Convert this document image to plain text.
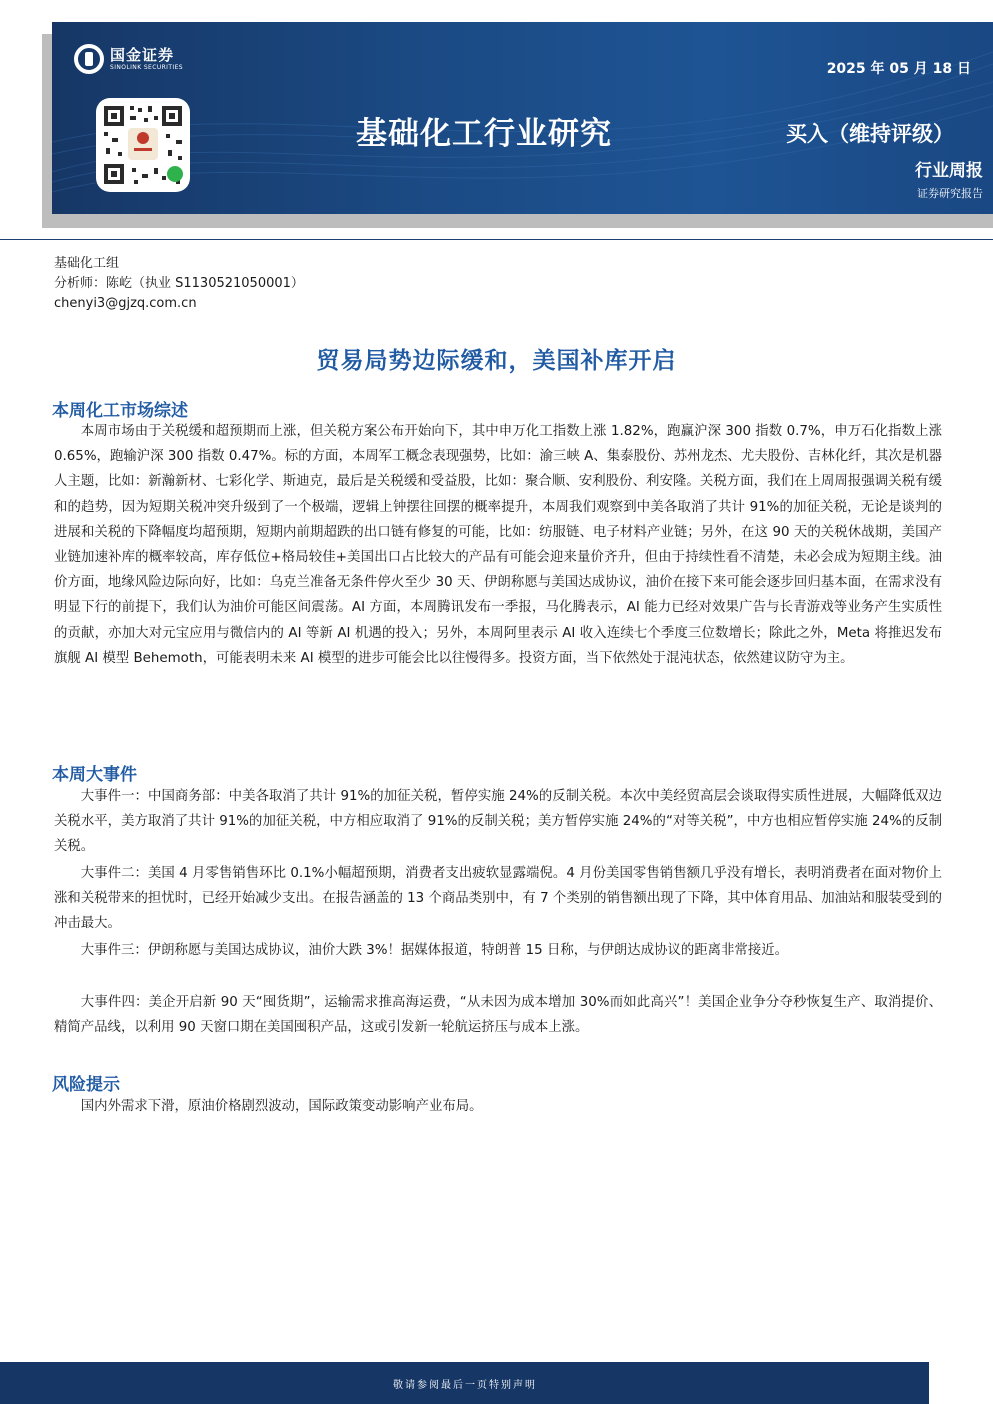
国金证券
SINOLINK SECURITIES	2025 年 05 月 18 日
基础化工行业研究	买入（维持评级）
行业周报
证券研究报告
基础化工组
分析师：陈屹（执业 S1130521050001）
chenyi3@gjzq.com.cn
贸易局势边际缓和，美国补库开启
本周化工市场综述
本周市场由于关税缓和超预期而上涨，但关税方案公布开始向下，其中申万化工指数上涨 1.82%，跑赢沪深 300 指数 0.7%，申万石化指数上涨 0.65%，跑输沪深 300 指数 0.47%。标的方面，本周军工概念表现强势，比如：渝三峡 A、集泰股份、苏州龙杰、尤夫股份、吉林化纤，其次是机器人主题，比如：新瀚新材、七彩化学、斯迪克，最后是关税缓和受益股，比如：聚合顺、安利股份、利安隆。关税方面，我们在上周周报强调关税有缓和的趋势，因为短期关税冲突升级到了一个极端，逻辑上钟摆往回摆的概率提升，本周我们观察到中美各取消了共计 91%的加征关税，无论是谈判的进展和关税的下降幅度均超预期，短期内前期超跌的出口链有修复的可能，比如：纺服链、电子材料产业链；另外，在这 90 天的关税休战期，美国产业链加速补库的概率较高，库存低位+格局较佳+美国出口占比较大的产品有可能会迎来量价齐升，但由于持续性看不清楚，未必会成为短期主线。油价方面，地缘风险边际向好，比如：乌克兰准备无条件停火至少 30 天、伊朗称愿与美国达成协议，油价在接下来可能会逐步回归基本面，在需求没有明显下行的前提下，我们认为油价可能区间震荡。AI 方面，本周腾讯发布一季报，马化腾表示，AI 能力已经对效果广告与长青游戏等业务产生实质性的贡献，亦加大对元宝应用与微信内的 AI 等新 AI 机遇的投入；另外，本周阿里表示 AI 收入连续七个季度三位数增长；除此之外，Meta 将推迟发布旗舰 AI 模型 Behemoth，可能表明未来 AI 模型的进步可能会比以往慢得多。投资方面，当下依然处于混沌状态，依然建议防守为主。
本周大事件
大事件一：中国商务部：中美各取消了共计 91%的加征关税，暂停实施 24%的反制关税。本次中美经贸高层会谈取得实质性进展，大幅降低双边关税水平，美方取消了共计 91%的加征关税，中方相应取消了 91%的反制关税；美方暂停实施 24%的“对等关税”，中方也相应暂停实施 24%的反制关税。
大事件二：美国 4 月零售销售环比 0.1%小幅超预期，消费者支出疲软显露端倪。4 月份美国零售销售额几乎没有增长，表明消费者在面对物价上涨和关税带来的担忧时，已经开始减少支出。在报告涵盖的 13 个商品类别中，有 7 个类别的销售额出现了下降，其中体育用品、加油站和服装受到的冲击最大。
大事件三：伊朗称愿与美国达成协议，油价大跌 3%！据媒体报道，特朗普 15 日称，与伊朗达成协议的距离非常接近。
大事件四：美企开启新 90 天“囤货期”，运输需求推高海运费，“从未因为成本增加 30%而如此高兴”！美国企业争分夺秒恢复生产、取消提价、精简产品线，以利用 90 天窗口期在美国囤积产品，这或引发新一轮航运挤压与成本上涨。
风险提示
国内外需求下滑，原油价格剧烈波动，国际政策变动影响产业布局。
敬请参阅最后一页特别声明
